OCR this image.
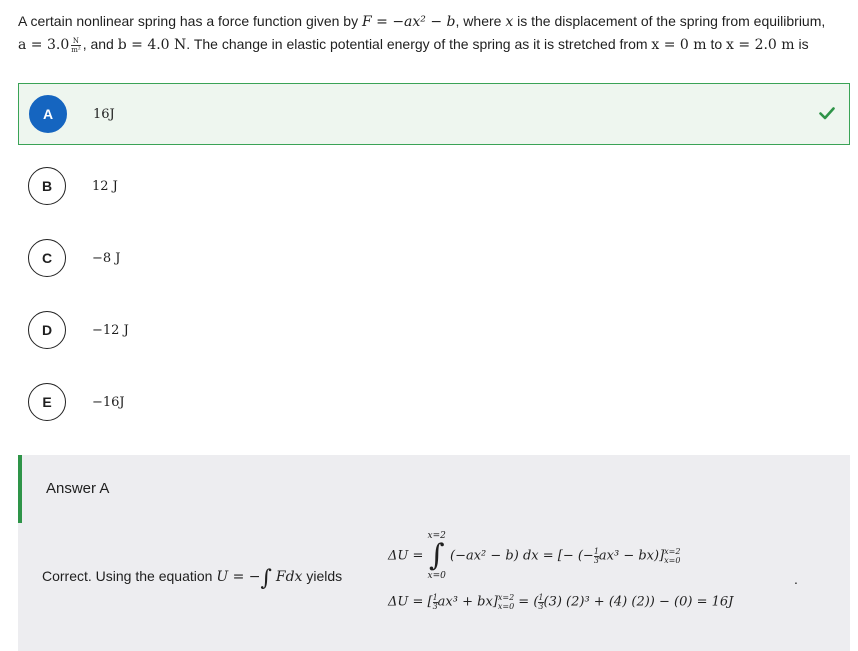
A certain nonlinear spring has a force function given by F = −ax² − b, where x is the displacement of the spring from equilibrium,
$a = 3.0 \frac{N}{\text{m²}}$ , and b = 4.0 N. The change in elastic potential energy of the spring as it is stretched from x = 0 m to x = 2.0 m is
A	16J
B	12 J
C	−8 J
D	−12 J
E	−16J
Answer A
Correct. Using the equation U = −∫ Fdx yields
ΔU = x=2
∫
x=0 (−ax² − b) dx = [− (− $\frac{1}{3}ax^3 - bx)]x=2$
x=0
.
ΔU = [ $\frac{1}{3}ax^3 + bx]x=2$
x=0 = ( $\frac{1}{3}(3) (2)^3 + (4) (2)) - (0) = 16J$
